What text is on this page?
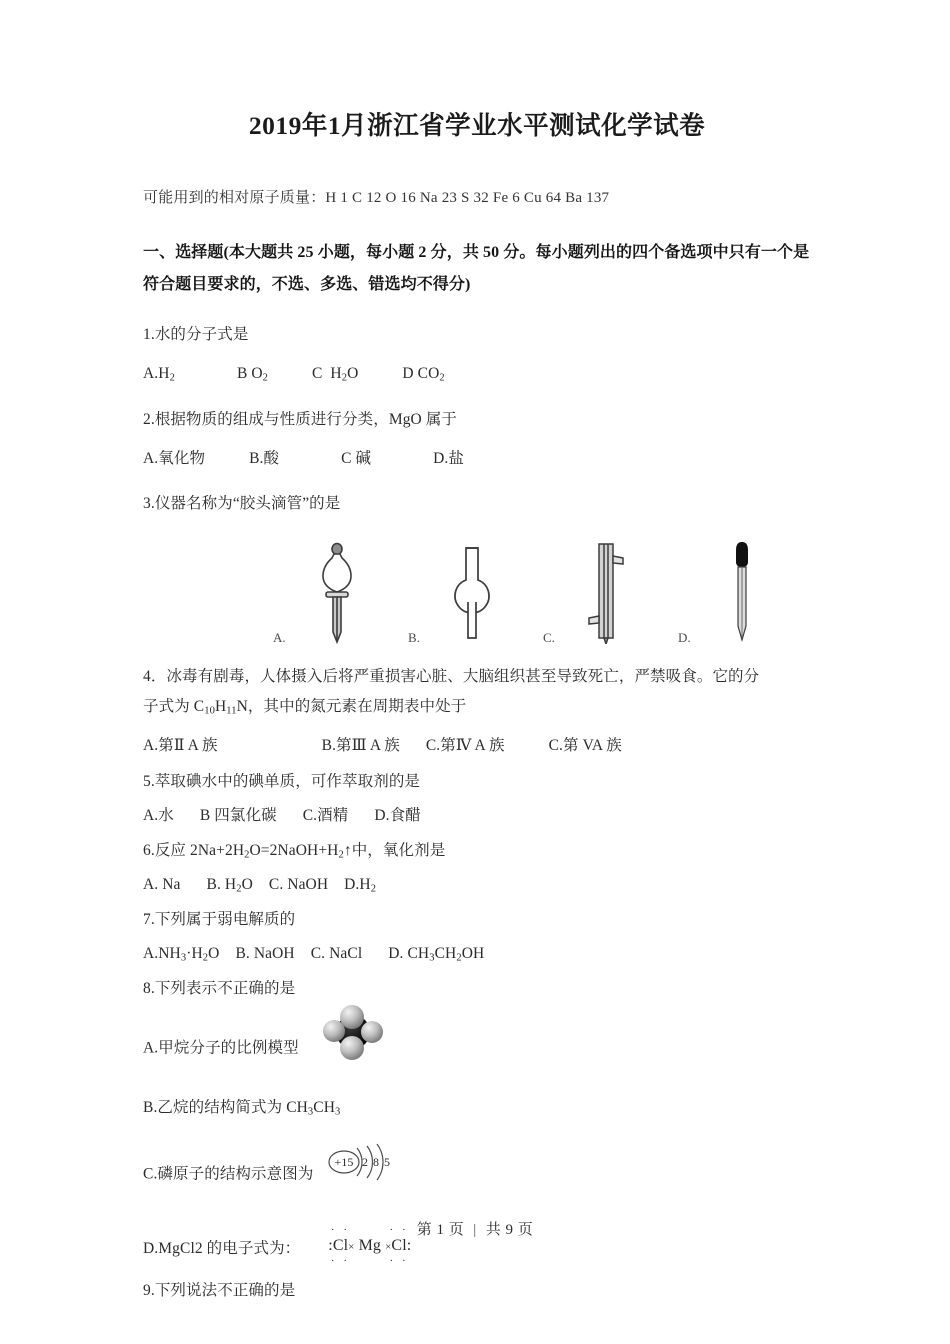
2019年1月浙江省学业水平测试化学试卷
可能用到的相对原子质量：H 1 C 12 O 16 Na 23 S 32 Fe 6 Cu 64 Ba 137
一、选择题(本大题共 25 小题，每小题 2 分，共 50 分。每小题列出的四个备选项中只有一个是符合题目要求的，不选、多选、错选均不得分)
1.水的分子式是
$A.H_2$	B $O_2$	C  $H_2O$	D $CO_2$
2.根据物质的组成与性质进行分类，MgO 属于
A.氧化物	B.酸	C 碱	D.盐
3.仪器名称为“胶头滴管”的是
A.	B.	C.	D.
4．冰毒有剧毒，人体摄入后将严重损害心脏、大脑组织甚至导致死亡，严禁吸食。它的分
子式为 $C_{10}H_{11}N$，其中的氮元素在周期表中处于
A.第Ⅱ A 族	B.第Ⅲ A 族 C.第Ⅳ A 族	C.第 VA 族
5.萃取碘水中的碘单质，可作萃取剂的是
A.水 B 四氯化碳 C.酒精 D.食醋
6.反应 $2Na+2H_2O=2NaOH+H_2↑$中，氧化剂是
A. Na B. $H_2O$ C. NaOH $D.H_2$
7.下列属于弱电解质的
$A.NH_3\cdot H_2O$ B. NaOH C. NaCl D. $CH_3CH_2OH$
8.下列表示不正确的是
A.甲烷分子的比例模型
B.乙烷的结构简式为 $CH_3CH_3$
C.磷原子的结构示意图为
+15 2 8 5
D.MgCl2 的电子式为： :
· ·
Cl
· ·
× Mg ×
· ·
Cl
· ·
:
9.下列说法不正确的是
第 1 页 | 共 9 页
